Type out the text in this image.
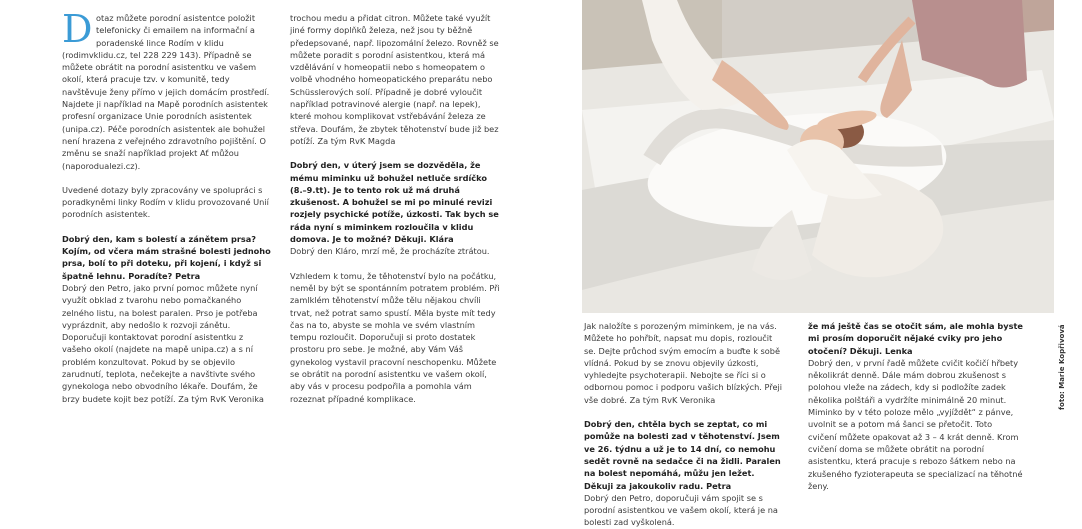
Dotaz můžete porodní asistentce položit telefonicky či emailem na informační a poradenské lince Rodím v klidu (rodimvklidu.cz, tel 228 229 143). Případně se můžete obrátit na porodní asistentku ve vašem okolí, která pracuje tzv. v komunitě, tedy navštěvuje ženy přímo v jejich domácím prostředí. Najdete ji například na Mapě porodních asistentek profesní organizace Unie porodních asistentek (unipa.cz). Péče porodních asistentek ale bohužel není hrazena z veřejného zdravotního pojištění. O změnu se snaží například projekt Ať můžou (naporodualezi.cz).

Uvedené dotazy byly zpracovány ve spolupráci s poradkyněmi linky Rodím v klidu provozované Unií porodních asistentek.

Dobrý den, kam s bolestí a zánětem prsa? Kojím, od včera mám strašné bolesti jednoho prsa, bolí to při doteku, při kojení, i když si špatně lehnu. Poradíte? Petra

Dobrý den Petro, jako první pomoc můžete nyní využít obklad z tvarohu nebo pomačkaného zelného listu, na bolest paralen. Prso je potřeba vyprázdnit, aby nedošlo k rozvoji zánětu. Doporučuji kontaktovat porodní asistentku z vašeho okolí (najdete na mapě unipa.cz) a s ní problém konzultovat. Pokud by se objevilo zarudnutí, teplota, nečekejte a navštivte svého gynekologa nebo obvodního lékaře. Doufám, že brzy budete kojit bez potíží. Za tým RvK Veronika

trochou medu a přidat citron. Můžete také využít jiné formy doplňků železa, než jsou ty běžně předepsované, např. lipozomální železo. Rovněž se můžete poradit s porodní asistentkou, která má vzdělávání v homeopatii nebo s homeopatem o volbě vhodného homeopatického preparátu nebo Schüsslerových solí. Případně je dobré vyloučit například potravinové alergie (např. na lepek), které mohou komplikovat vstřebávání železa ze střeva. Doufám, že zbytek těhotenství bude již bez potíží. Za tým RvK Magda

Dobrý den, v úterý jsem se dozvěděla, že mému miminku už bohužel netluče srdíčko (8.–9.tt). Je to tento rok už má druhá zkušenost. A bohužel se mi po minulé revizi rozjely psychické potíže, úzkosti. Tak bych se ráda nyní s miminkem rozloučila v klidu domova. Je to možné? Děkuji. Klára

Dobrý den Kláro, mrzí mě, že procházíte ztrátou.

Vzhledem k tomu, že těhotenství bylo na počátku, neměl by být se spontánním potratem problém. Při zamlklém těhotenství může tělu nějakou chvíli trvat, než potrat samo spustí. Měla byste mít tedy čas na to, abyste se mohla ve svém vlastním tempu rozloučit. Doporučuji si proto dostatek prostoru pro sebe. Je možné, aby Vám Váš gynekolog vystavil pracovní neschopenku. Můžete se obrátit na porodní asistentku ve vašem okolí, aby vás v procesu podpořila a pomohla vám rozeznat případné komplikace.	foto: Marie Kopřivová

Jak naložíte s porozeným miminkem, je na vás. Můžete ho pohřbít, napsat mu dopis, rozloučit se. Dejte průchod svým emocím a buďte k sobě vlídná. Pokud by se znovu objevily úzkosti, vyhledejte psychoterapii. Nebojte se říci si o odbornou pomoc i podporu vašich blízkých. Přeji vše dobré. Za tým RvK Veronika

Dobrý den, chtěla bych se zeptat, co mi pomůže na bolesti zad v těhotenství. Jsem ve 26. týdnu a už je to 14 dní, co nemohu sedět rovně na sedačce či na židli. Paralen na bolest nepomáhá, můžu jen ležet. Děkuji za jakoukoliv radu. Petra

Dobrý den Petro, doporučuji vám spojit se s porodní asistentkou ve vašem okolí, která je na bolesti zad vyškolená.

že má ještě čas se otočit sám, ale mohla byste mi prosím doporučit nějaké cviky pro jeho otočení? Děkuji. Lenka

Dobrý den, v první řadě můžete cvičit kočičí hřbety několikrát denně. Dále mám dobrou zkušenost s polohou vleže na zádech, kdy si podložíte zadek několika polštáři a vydržíte minimálně 20 minut. Miminko by v této poloze mělo „vyjíždět“ z pánve, uvolnit se a potom má šanci se přetočit. Toto cvičení můžete opakovat až 3 – 4 krát denně. Krom cvičení doma se můžete obrátit na porodní asistentku, která pracuje s rebozo šátkem nebo na zkušeného fyzioterapeuta se specializací na těhotné ženy.
